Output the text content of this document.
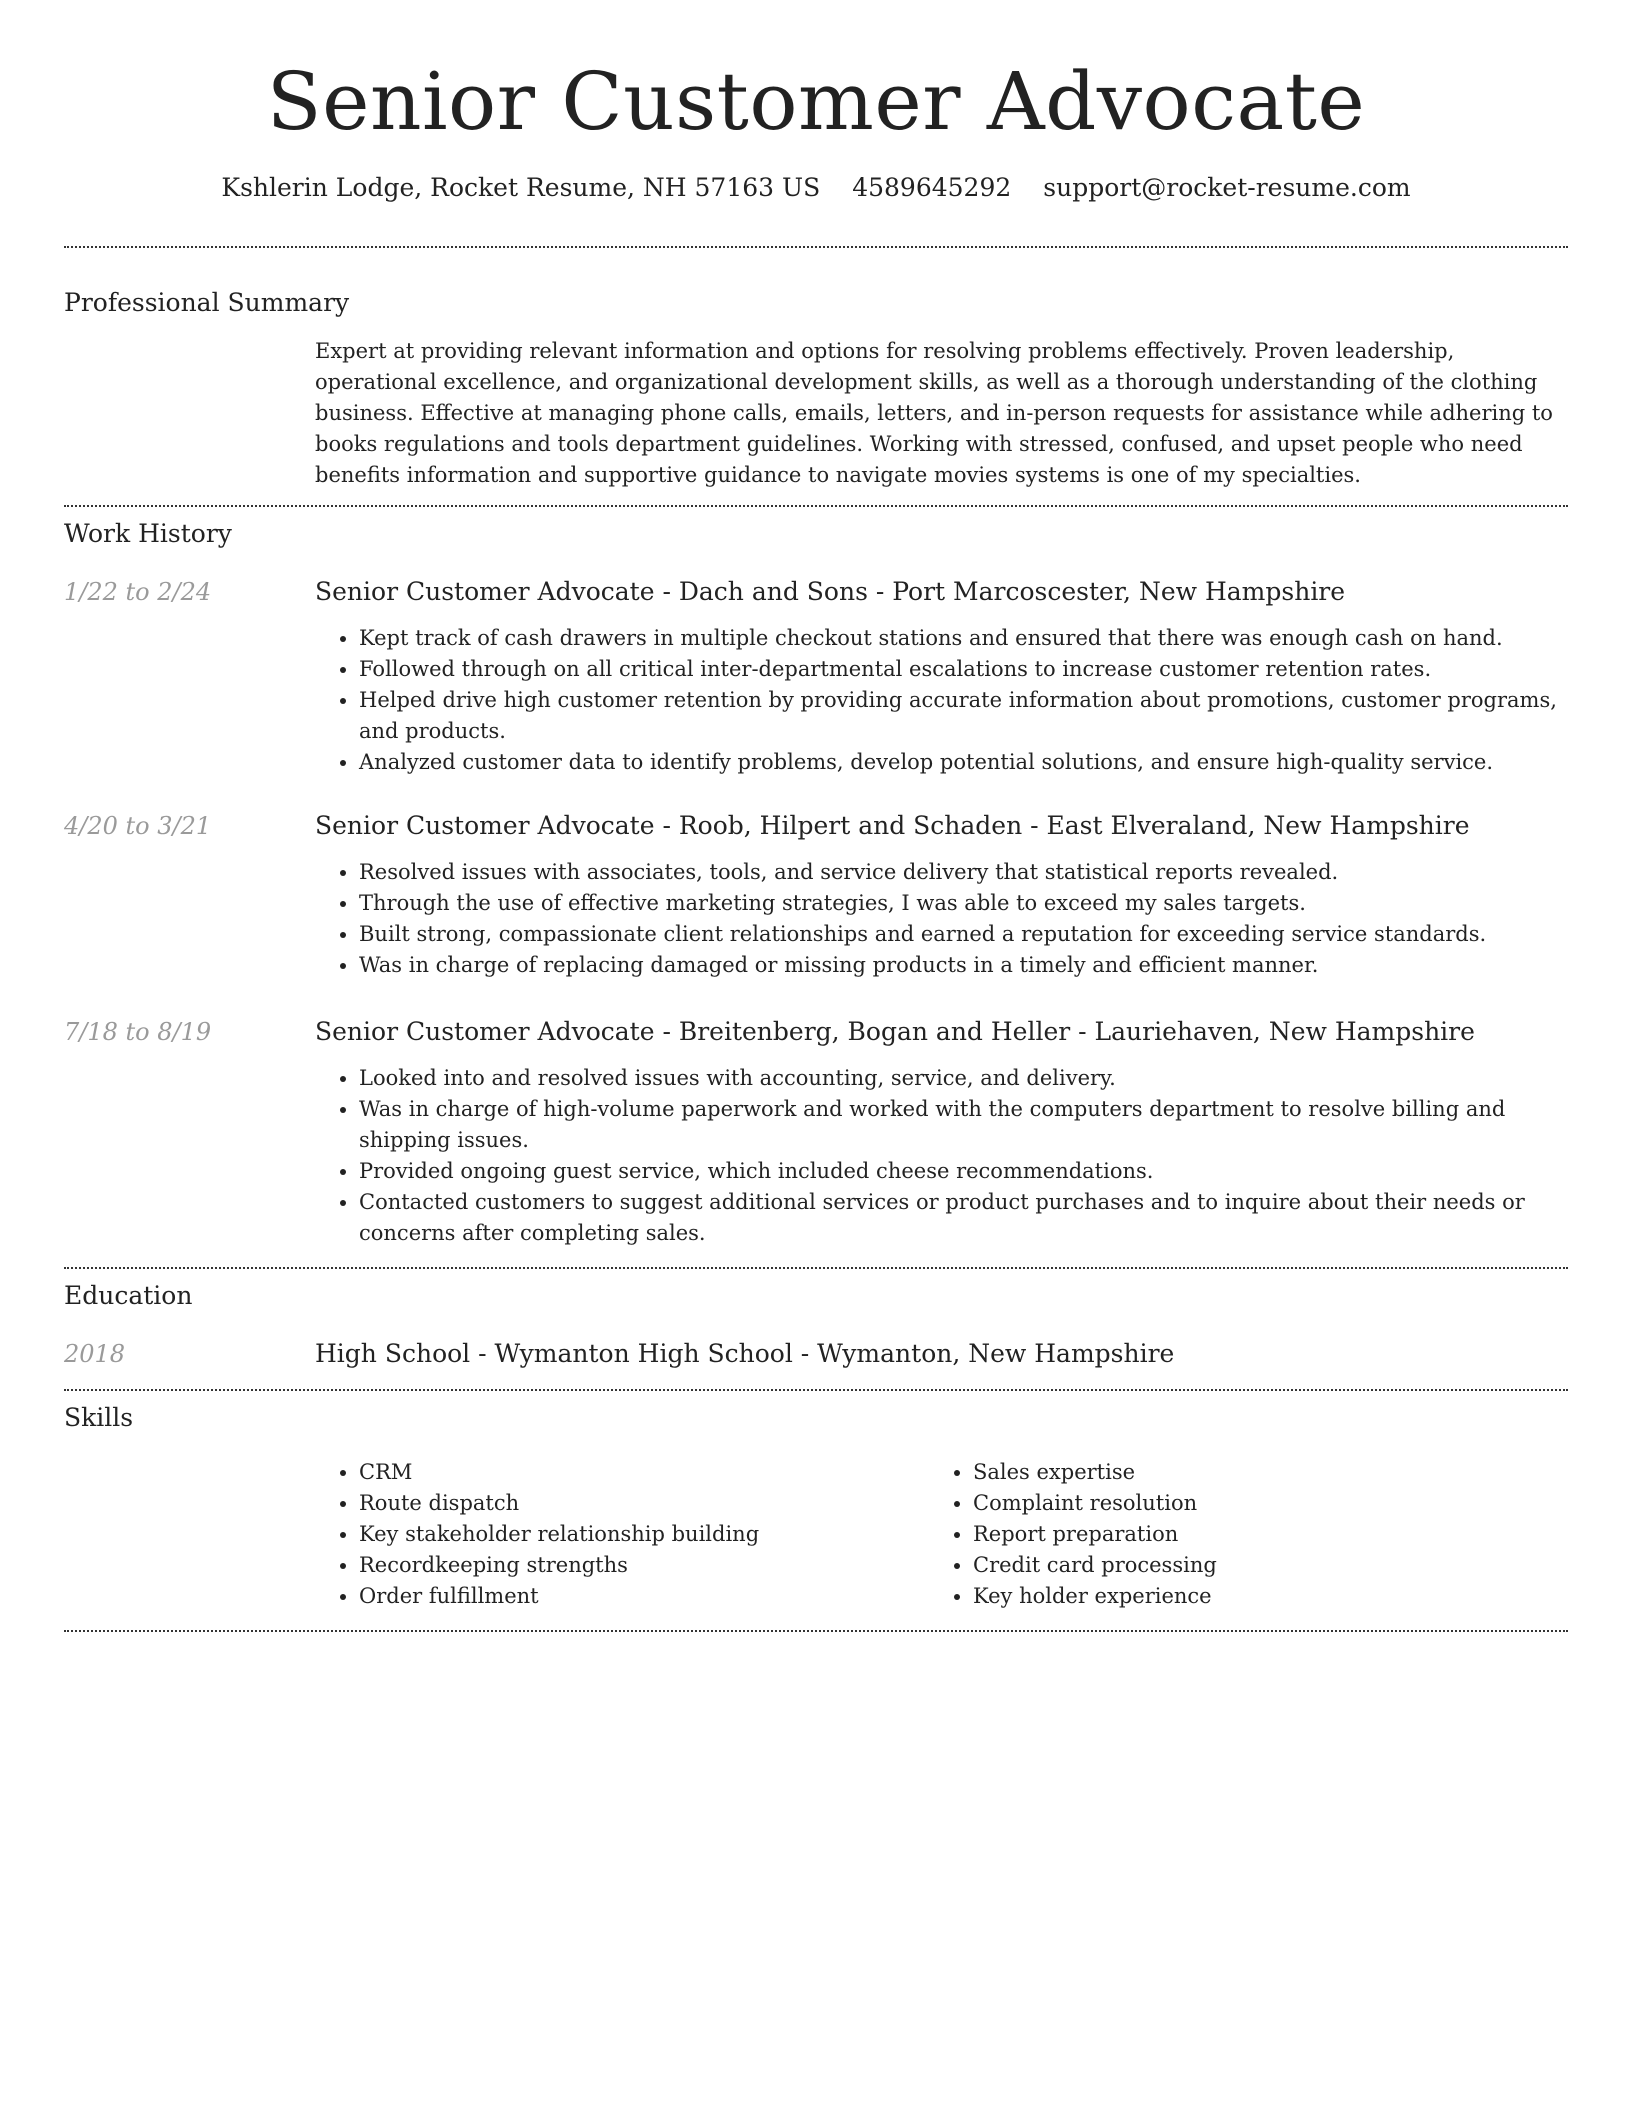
Senior Customer Advocate
Kshlerin Lodge, Rocket Resume, NH 57163 US 4589645292 support@rocket-resume.com
Professional Summary

Expert at providing relevant information and options for resolving problems effectively. Proven leadership, operational excellence, and organizational development skills, as well as a thorough understanding of the clothing business. Effective at managing phone calls, emails, letters, and in-person requests for assistance while adhering to books regulations and tools department guidelines. Working with stressed, confused, and upset people who need benefits information and supportive guidance to navigate movies systems is one of my specialties.

Work History
1/22 to 2/24	Senior Customer Advocate - Dach and Sons - Port Marcoscester, New Hampshire
• Kept track of cash drawers in multiple checkout stations and ensured that there was enough cash on hand.
• Followed through on all critical inter-departmental escalations to increase customer retention rates.
• Helped drive high customer retention by providing accurate information about promotions, customer programs, and products.
• Analyzed customer data to identify problems, develop potential solutions, and ensure high-quality service.
4/20 to 3/21	Senior Customer Advocate - Roob, Hilpert and Schaden - East Elveraland, New Hampshire
• Resolved issues with associates, tools, and service delivery that statistical reports revealed.
• Through the use of effective marketing strategies, I was able to exceed my sales targets.
• Built strong, compassionate client relationships and earned a reputation for exceeding service standards.
• Was in charge of replacing damaged or missing products in a timely and efficient manner.
7/18 to 8/19	Senior Customer Advocate - Breitenberg, Bogan and Heller - Lauriehaven, New Hampshire
• Looked into and resolved issues with accounting, service, and delivery.
• Was in charge of high-volume paperwork and worked with the computers department to resolve billing and shipping issues.
• Provided ongoing guest service, which included cheese recommendations.
• Contacted customers to suggest additional services or product purchases and to inquire about their needs or concerns after completing sales.
Education
2018	High School - Wymanton High School - Wymanton, New Hampshire
Skills
• CRM
• Route dispatch
• Key stakeholder relationship building
• Recordkeeping strengths
• Order fulfillment
• Sales expertise
• Complaint resolution
• Report preparation
• Credit card processing
• Key holder experience
